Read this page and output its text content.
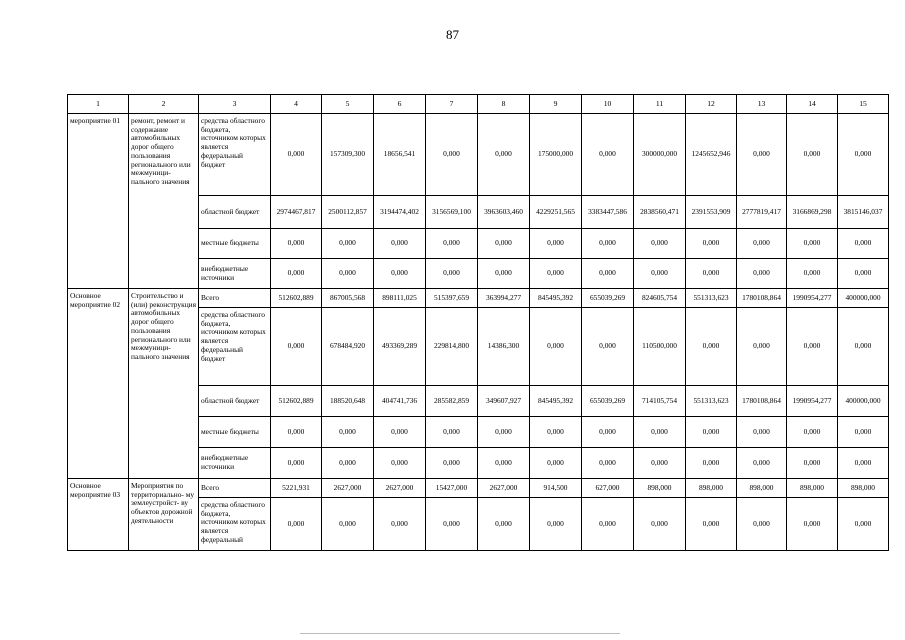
87
1	2	3	4	5	6	7	8	9	10	11	12	13	14	15
мероприятие 01	ремонт, ремонт и содержание автомобильных дорог общего пользования регионального или межмуници- пального значения	средства областного бюджета, источником которых является федеральный бюджет	0,000	157309,300	18656,541	0,000	0,000	175000,000	0,000	300000,000	1245652,946	0,000	0,000	0,000
		областной бюджет	2974467,817	2500112,857	3194474,402	3156569,100	3963603,460	4229251,565	3383447,586	2838560,471	2391553,909	2777819,417	3166869,298	3815146,037
		местные бюджеты	0,000	0,000	0,000	0,000	0,000	0,000	0,000	0,000	0,000	0,000	0,000	0,000
		внебюджетные источники	0,000	0,000	0,000	0,000	0,000	0,000	0,000	0,000	0,000	0,000	0,000	0,000
Основное мероприятие 02	Строительство и (или) реконструкция автомобильных дорог общего пользования регионального или межмуници- пального значения	Всего	512602,889	867005,568	898111,025	515397,659	363994,277	845495,392	655039,269	824605,754	551313,623	1780108,864	1990954,277	400000,000
		средства областного бюджета, источником которых является федеральный бюджет	0,000	678484,920	493369,289	229814,800	14386,300	0,000	0,000	110500,000	0,000	0,000	0,000	0,000
		областной бюджет	512602,889	188520,648	404741,736	285582,859	349607,927	845495,392	655039,269	714105,754	551313,623	1780108,864	1990954,277	400000,000
		местные бюджеты	0,000	0,000	0,000	0,000	0,000	0,000	0,000	0,000	0,000	0,000	0,000	0,000
		внебюджетные источники	0,000	0,000	0,000	0,000	0,000	0,000	0,000	0,000	0,000	0,000	0,000	0,000
Основное мероприятие 03	Мероприятия по территориально- му землеустройст- ву объектов дорожной деятельности	Всего	5221,931	2627,000	2627,000	15427,000	2627,000	914,500	627,000	898,000	898,000	898,000	898,000	898,000
		средства областного бюджета, источником которых является федеральный	0,000	0,000	0,000	0,000	0,000	0,000	0,000	0,000	0,000	0,000	0,000	0,000
